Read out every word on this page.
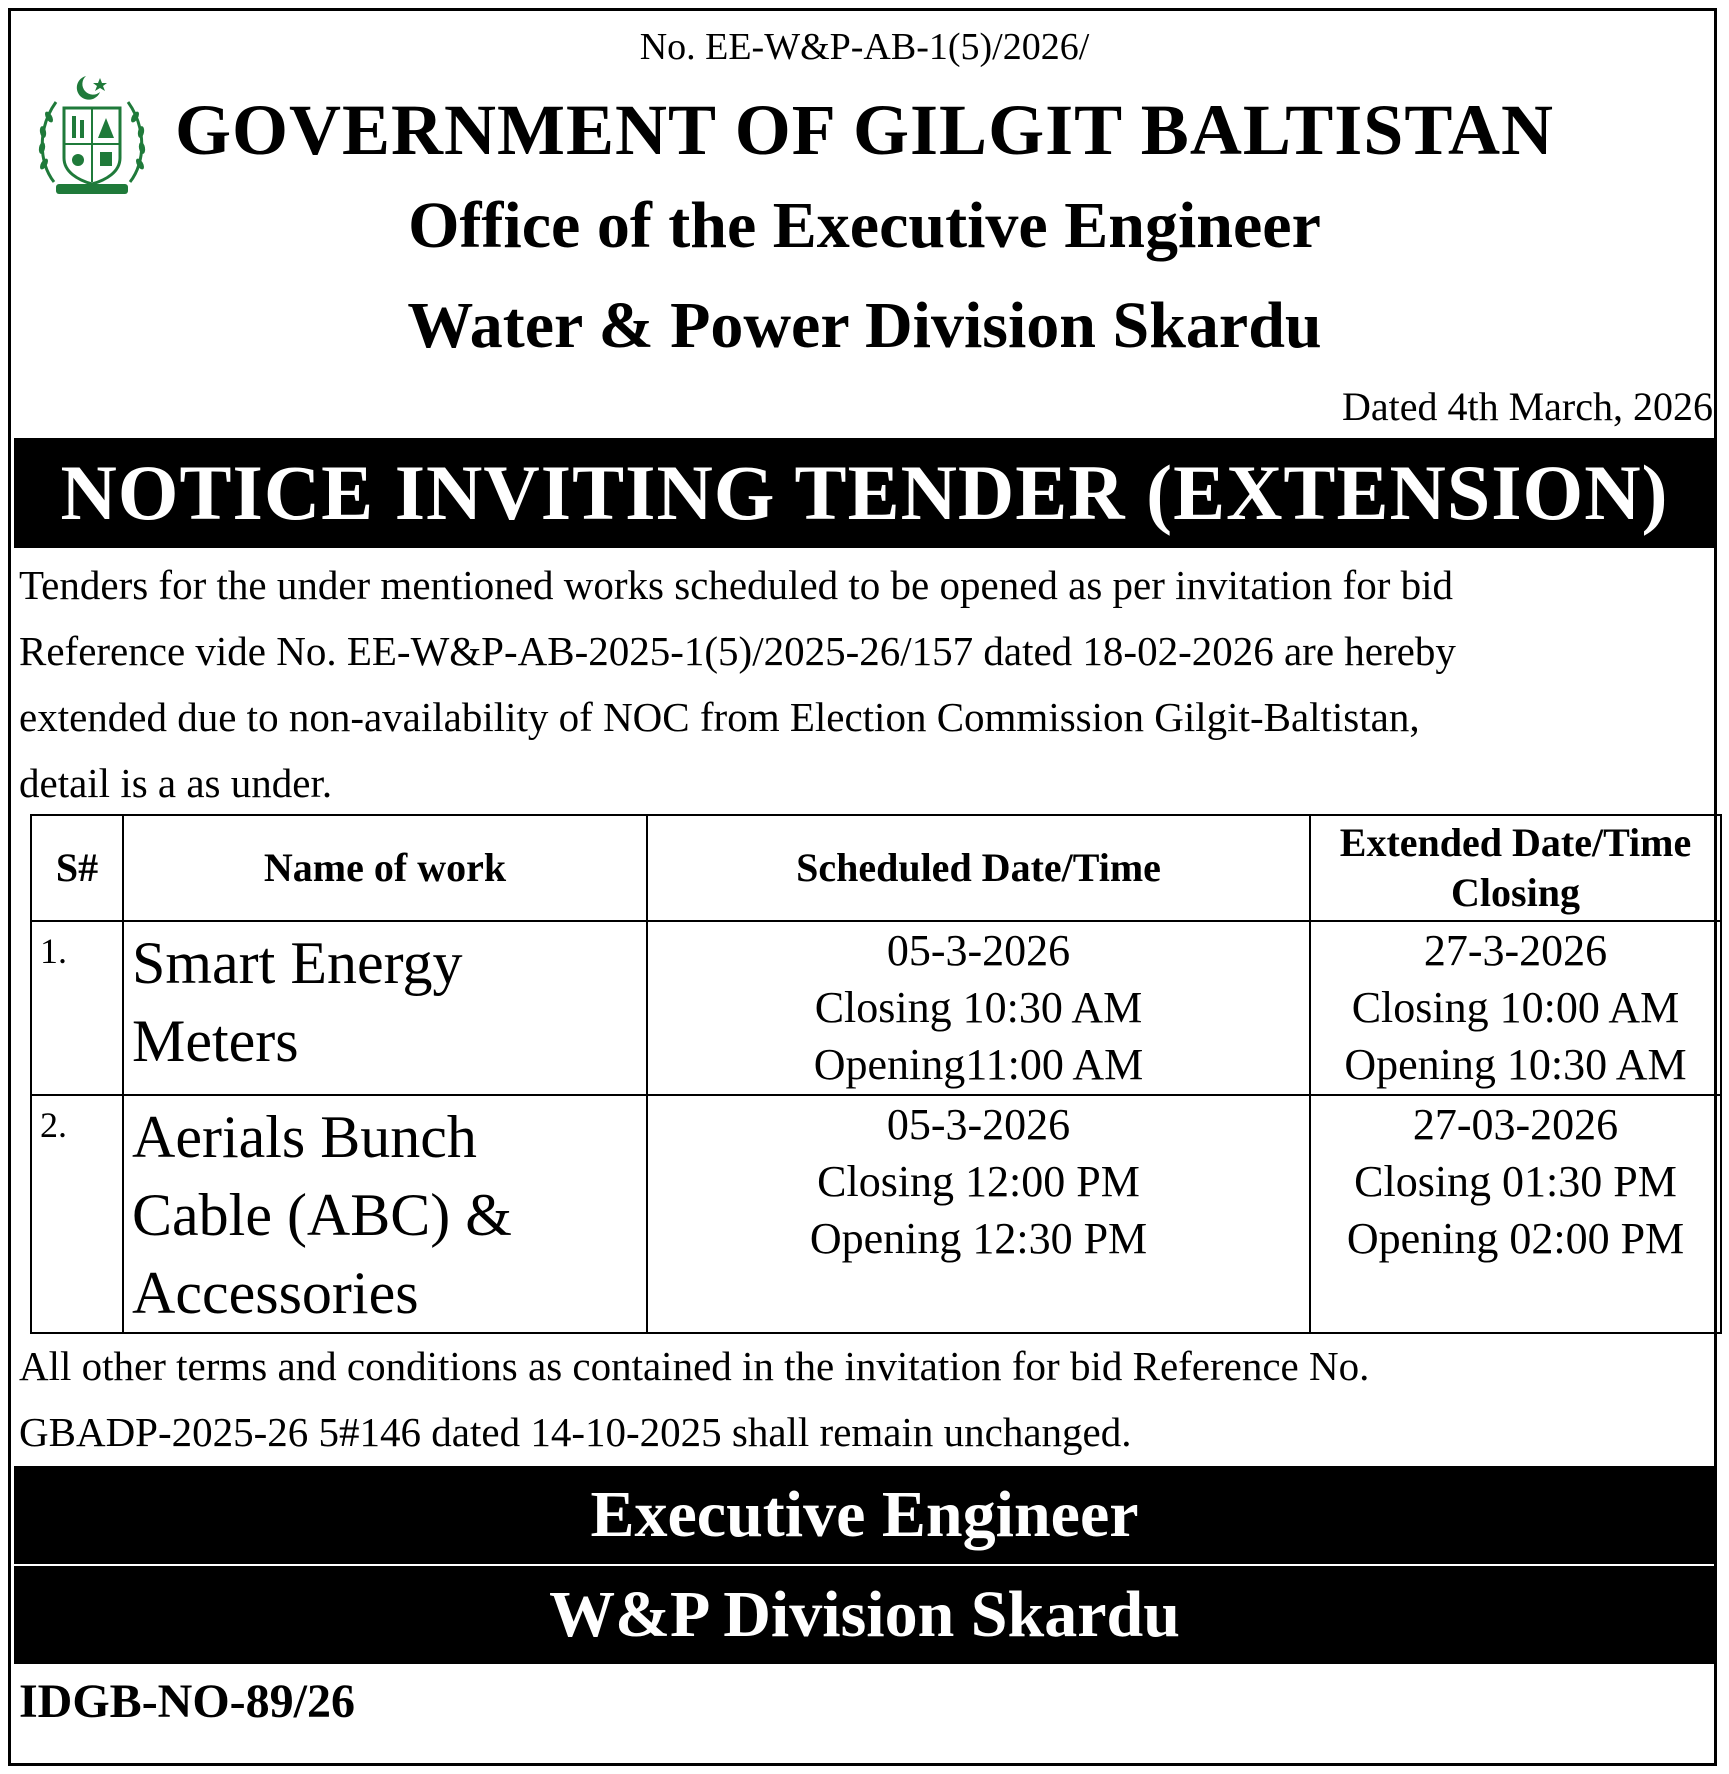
No. EE-W&P-AB-1(5)/2026/
GOVERNMENT OF GILGIT BALTISTAN
Office of the Executive Engineer
Water & Power Division Skardu
Dated 4th March, 2026
NOTICE INVITING TENDER (EXTENSION)
Tenders for the under mentioned works scheduled to be opened as per invitation for bid
Reference vide No. EE-W&P-AB-2025-1(5)/2025-26/157 dated 18-02-2026 are hereby
extended due to non-availability of NOC from Election Commission Gilgit-Baltistan,
detail is a as under.
S#	Name of work	Scheduled Date/Time	Extended Date/Time
Closing

1.	Smart Energy
Meters	05-3-2026
Closing 10:30 AM
Opening11:00 AM	27-3-2026
Closing 10:00 AM
Opening 10:30 AM

2.	Aerials Bunch
Cable (ABC) &
Accessories	05-3-2026
Closing 12:00 PM
Opening 12:30 PM	27-03-2026
Closing 01:30 PM
Opening 02:00 PM
All other terms and conditions as contained in the invitation for bid Reference No.
GBADP-2025-26 5#146 dated 14-10-2025 shall remain unchanged.
Executive Engineer
W&P Division Skardu
IDGB-NO-89/26
